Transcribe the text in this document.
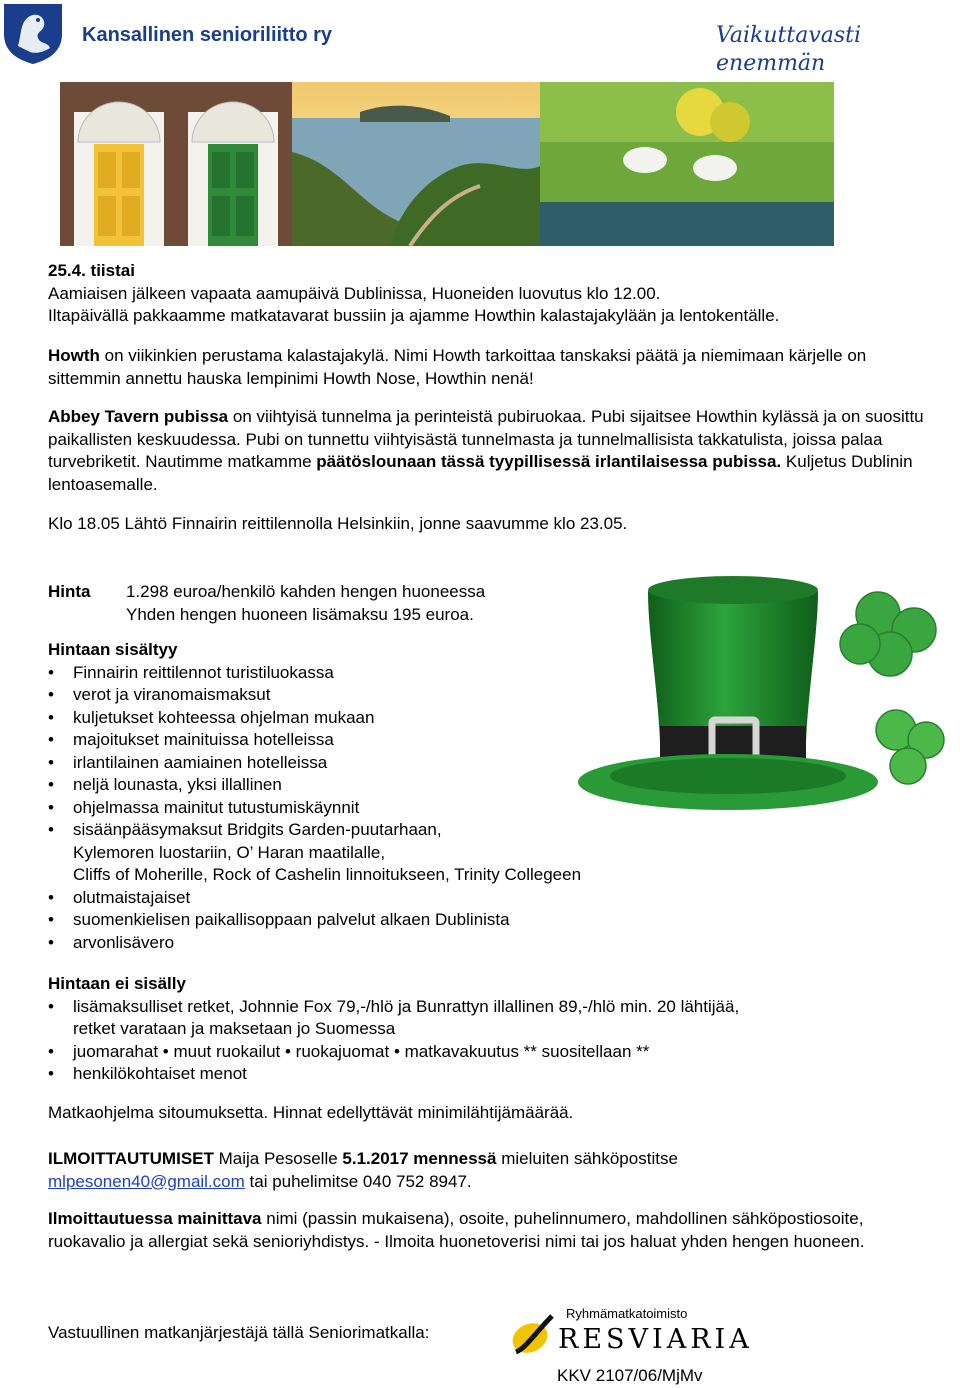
Kansallinen senioriliitto ry	Vaikuttavasti enemmän

25.4. tiistai

Aamiaisen jälkeen vapaata aamupäivä Dublinissa, Huoneiden luovutus klo 12.00.

Iltapäivällä pakkaamme matkatavarat bussiin ja ajamme Howthin kalastajakylään ja lentokentälle.

Howth on viikinkien perustama kalastajakylä. Nimi Howth tarkoittaa tanskaksi päätä ja niemimaan kärjelle on sittemmin annettu hauska lempinimi Howth Nose, Howthin nenä!

Abbey Tavern pubissa on viihtyisä tunnelma ja perinteistä pubiruokaa. Pubi sijaitsee Howthin kylässä ja on suosittu paikallisten keskuudessa. Pubi on tunnettu viihtyisästä tunnelmasta ja tunnelmallisista takkatulista, joissa palaa turvebriketit. Nautimme matkamme päätöslounaan tässä tyypillisessä irlantilaisessa pubissa. Kuljetus Dublinin lentoasemalle.

Klo 18.05 Lähtö Finnairin reittilennolla Helsinkiin, jonne saavumme klo 23.05.
Hinta 1.298 euroa/henkilö kahden hengen huoneessa

Yhden hengen huoneen lisämaksu 195 euroa.

Hintaan sisältyy

• Finnairin reittilennot turistiluokassa
• verot ja viranomaismaksut
• kuljetukset kohteessa ohjelman mukaan
• majoitukset mainituissa hotelleissa
• irlantilainen aamiainen hotelleissa
• neljä lounasta, yksi illallinen
• ohjelmassa mainitut tutustumiskäynnit
• sisäänpääsymaksut Bridgits Garden-puutarhaan,
Kylemoren luostariin, O’ Haran maatilalle,
Cliffs of Moherille, Rock of Cashelin linnoitukseen, Trinity Collegeen
• olutmaistajaiset
• suomenkielisen paikallisoppaan palvelut alkaen Dublinista
• arvonlisävero

Hintaan ei sisälly

• lisämaksulliset retket, Johnnie Fox 79,-/hlö ja Bunrattyn illallinen 89,-/hlö min. 20 lähtijää,
retket varataan ja maksetaan jo Suomessa
• juomarahat • muut ruokailut • ruokajuomat • matkavakuutus ** suositellaan **
• henkilökohtaiset menot
Matkaohjelma sitoumuksetta. Hinnat edellyttävät minimilähtijämäärää.

ILMOITTAUTUMISET Maija Pesoselle 5.1.2017 mennessä mieluiten sähköpostitse

mlpesonen40@gmail.com tai puhelimitse 040 752 8947.

Ilmoittautuessa mainittava nimi (passin mukaisena), osoite, puhelinnumero, mahdollinen sähköpostiosoite, ruokavalio ja allergiat sekä senioriyhdistys. - Ilmoita huonetoverisi nimi tai jos haluat yhden hengen huoneen.

Vastuullinen matkanjärjestäjä tällä Seniorimatkalla:
Ryhmämatkatoimisto
RESVIARIA
KKV 2107/06/MjMv
